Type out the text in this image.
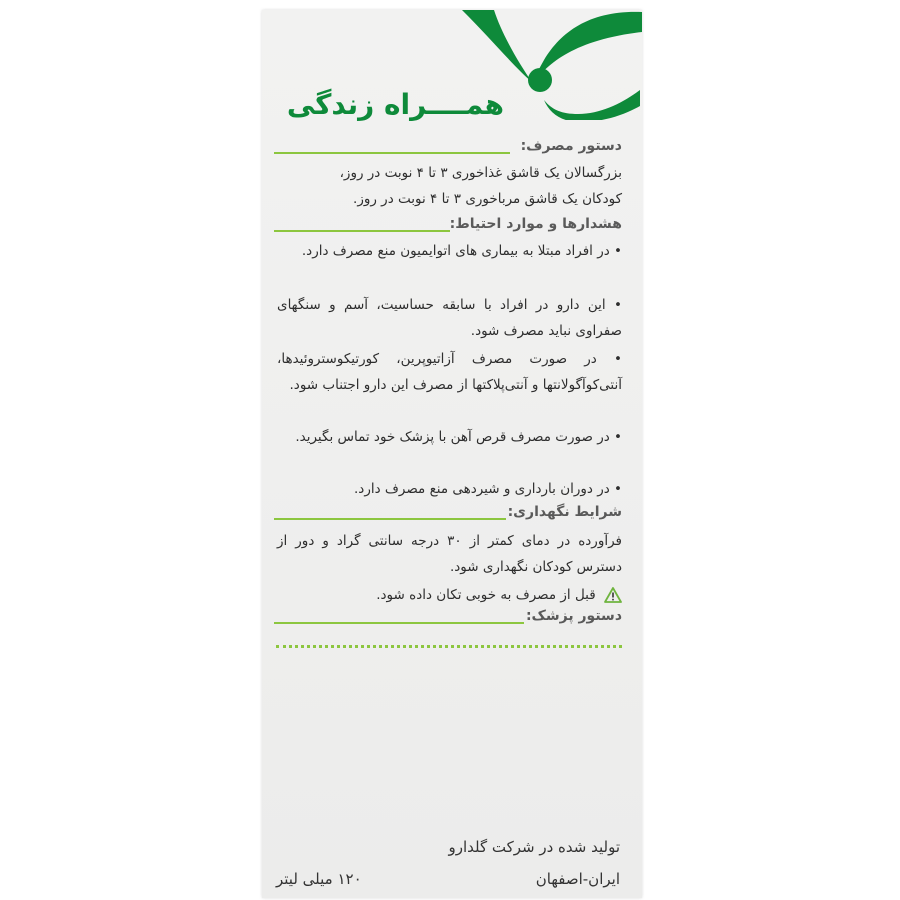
همــــراه زندگی
دستور مصرف:
بزرگسالان یک قاشق غذاخوری ۳ تا ۴ نوبت در روز،
کودکان یک قاشق مرباخوری ۳ تا ۴ نوبت در روز.
هشدارها و موارد احتیاط:
• در افراد مبتلا به بیماری های اتوایمیون منع مصرف دارد.
• این دارو در افراد با سابقه حساسیت، آسم و سنگهای صفراوی نباید مصرف شود.
• در صورت مصرف آزاتیوپرین، کورتیکوستروئیدها، آنتی‌کوآگولانتها و آنتی‌پلاکتها از مصرف این دارو اجتناب شود.
• در صورت مصرف قرص آهن با پزشک خود تماس بگیرید.
• در دوران بارداری و شیردهی منع مصرف دارد.
شرایط نگهداری:
فرآورده در دمای کمتر از ۳۰ درجه سانتی گراد و دور از دسترس کودکان نگهداری شود.
قبل از مصرف به خوبی تکان داده شود.
دستور پزشک:
تولید شده در شرکت گلدارو
ایران-اصفهان
۱۲۰ میلی لیتر
